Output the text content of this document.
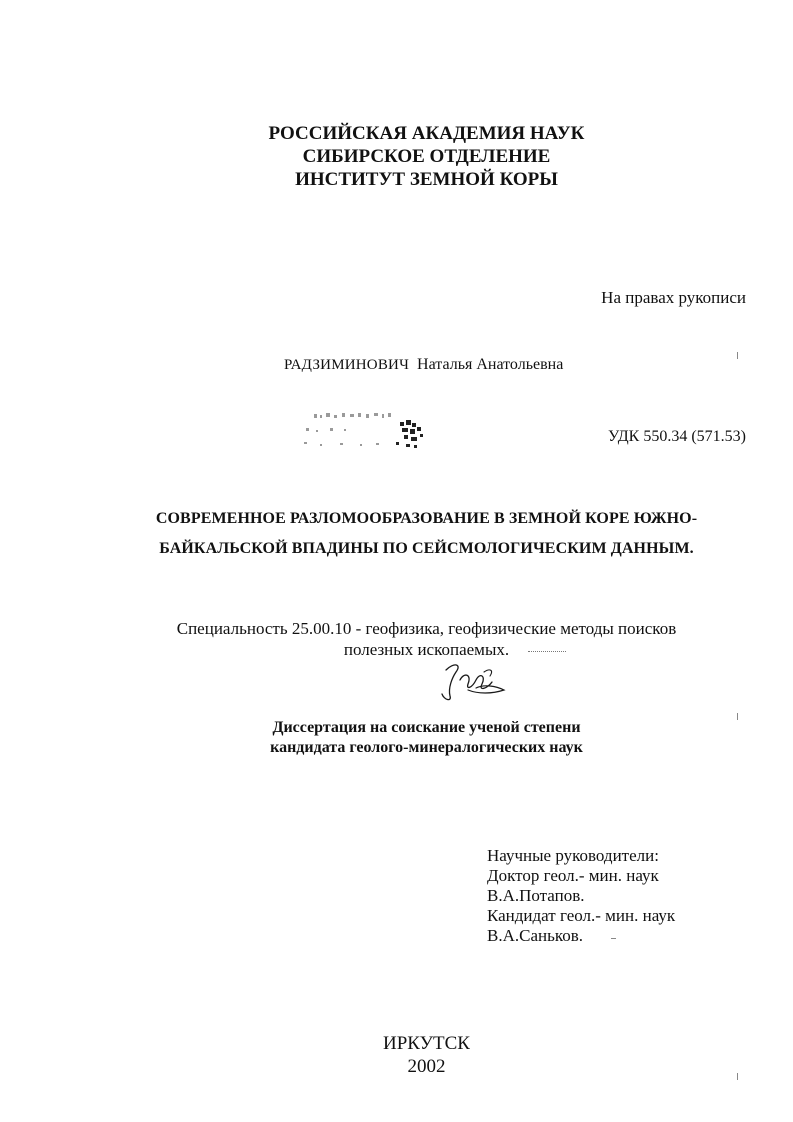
РОССИЙСКАЯ АКАДЕМИЯ НАУК
СИБИРСКОЕ ОТДЕЛЕНИЕ
ИНСТИТУТ ЗЕМНОЙ КОРЫ
На правах рукописи
РАДЗИМИНОВИЧ Наталья Анатольевна
УДК 550.34 (571.53)
СОВРЕМЕННОЕ РАЗЛОМООБРАЗОВАНИЕ В ЗЕМНОЙ КОРЕ ЮЖНО-
БАЙКАЛЬСКОЙ ВПАДИНЫ ПО СЕЙСМОЛОГИЧЕСКИМ ДАННЫМ.
Специальность 25.00.10 - геофизика, геофизические методы поисков
полезных ископаемых.
Диссертация на соискание ученой степени
кандидата геолого-минералогических наук
Научные руководители:
Доктор геол.- мин. наук
В.А.Потапов.
Кандидат геол.- мин. наук
В.А.Саньков.
ИРКУТСК
2002
